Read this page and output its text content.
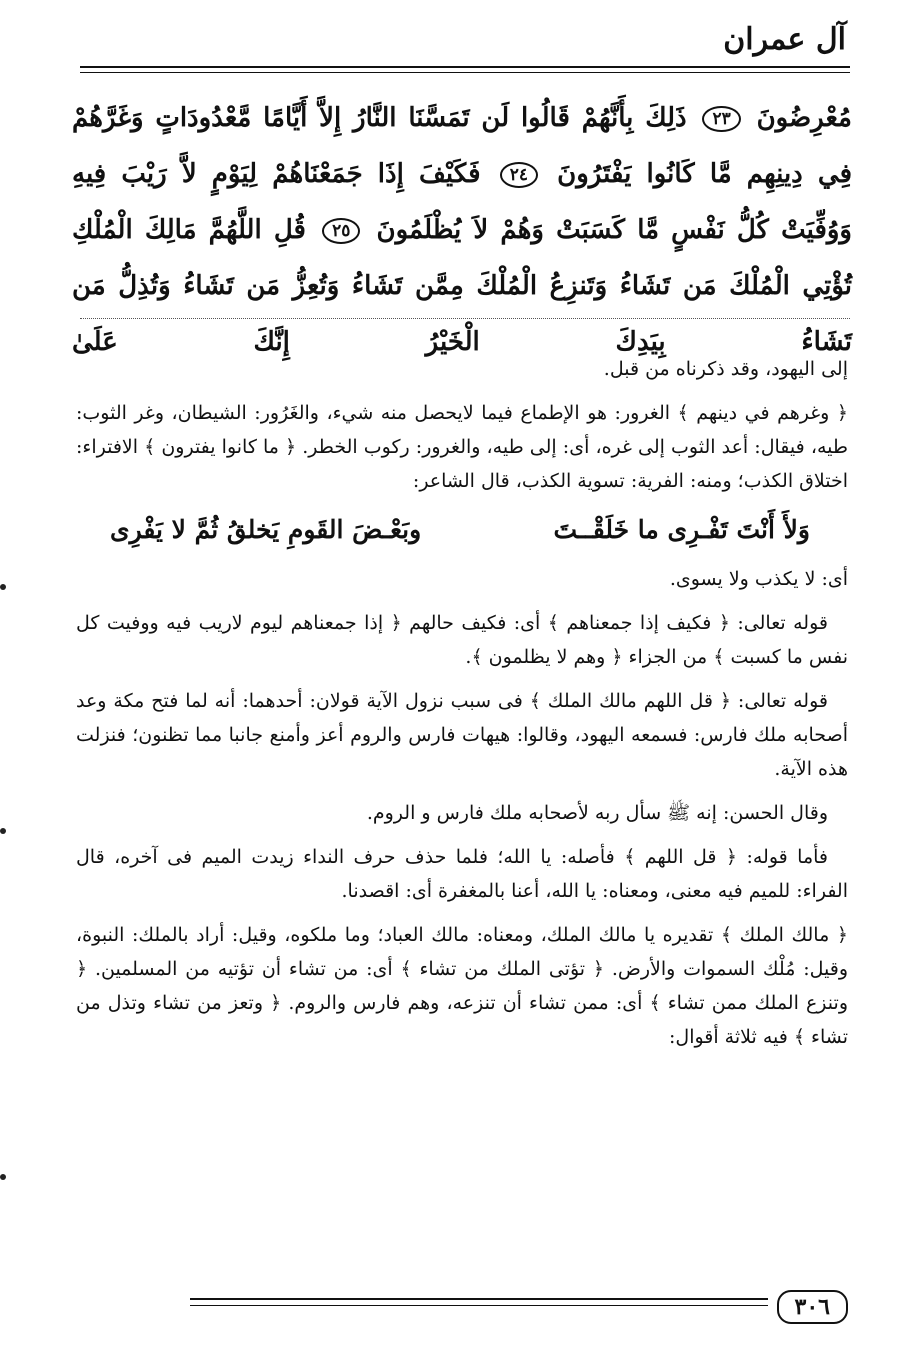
آل عمران
مُعْرِضُونَ ٢٣ ذَلِكَ بِأَنَّهُمْ قَالُوا لَن تَمَسَّنَا النَّارُ إِلاَّ أَيَّامًا مَّعْدُودَاتٍ وَغَرَّهُمْ فِي دِينِهِم مَّا كَانُوا يَفْتَرُونَ ٢٤ فَكَيْفَ إِذَا جَمَعْنَاهُمْ لِيَوْمٍ لاَّ رَيْبَ فِيهِ وَوُفِّيَتْ كُلُّ نَفْسٍ مَّا كَسَبَتْ وَهُمْ لاَ يُظْلَمُونَ ٢٥ قُلِ اللَّهُمَّ مَالِكَ الْمُلْكِ تُؤْتِي الْمُلْكَ مَن تَشَاءُ وَتَنزِعُ الْمُلْكَ مِمَّن تَشَاءُ وَتُعِزُّ مَن تَشَاءُ وَتُذِلُّ مَن تَشَاءُ بِيَدِكَ الْخَيْرُ إِنَّكَ عَلَىٰ

إلى اليهود، وقد ذكرناه من قبل.

﴿ وغرهم في دينهم ﴾ الغرور: هو الإطماع فيما لايحصل منه شيء، والغَرُور: الشيطان، وغر الثوب: طيه، فيقال: أعد الثوب إلى غره، أى: إلى طيه، والغرور: ركوب الخطر. ﴿ ما كانوا يفترون ﴾ الافتراء: اختلاق الكذب؛ ومنه: الفرية: تسوية الكذب، قال الشاعر:

وَلأَ أَنْتَ تَفْـرِى ما خَلَقْــتَ
وبَعْـضَ القَومِ يَخلقُ ثُمَّ لا يَفْرِى

أى: لا يكذب ولا يسوى.

قوله تعالى: ﴿ فكيف إذا جمعناهم ﴾ أى: فكيف حالهم ﴿ إذا جمعناهم ليوم لاريب فيه ووفيت كل نفس ما كسبت ﴾ من الجزاء ﴿ وهم لا يظلمون ﴾.

قوله تعالى: ﴿ قل اللهم مالك الملك ﴾ فى سبب نزول الآية قولان: أحدهما: أنه لما فتح مكة وعد أصحابه ملك فارس: فسمعه اليهود، وقالوا: هيهات فارس والروم أعز وأمنع جانبا مما تظنون؛ فنزلت هذه الآية.

وقال الحسن: إنه ﷺ سأل ربه لأصحابه ملك فارس و الروم.

فأما قوله: ﴿ قل اللهم ﴾ فأصله: يا الله؛ فلما حذف حرف النداء زيدت الميم فى آخره، قال الفراء: للميم فيه معنى، ومعناه: يا الله، أعنا بالمغفرة أى: اقصدنا.

﴿ مالك الملك ﴾ تقديره يا مالك الملك، ومعناه: مالك العباد؛ وما ملكوه، وقيل: أراد بالملك: النبوة، وقيل: مُلْك السموات والأرض. ﴿ تؤتى الملك من تشاء ﴾ أى: من تشاء أن تؤتيه من المسلمين. ﴿ وتنزع الملك ممن تشاء ﴾ أى: ممن تشاء أن تنزعه، وهم فارس والروم. ﴿ وتعز من تشاء وتذل من تشاء ﴾ فيه ثلاثة أقوال:

٣٠٦
